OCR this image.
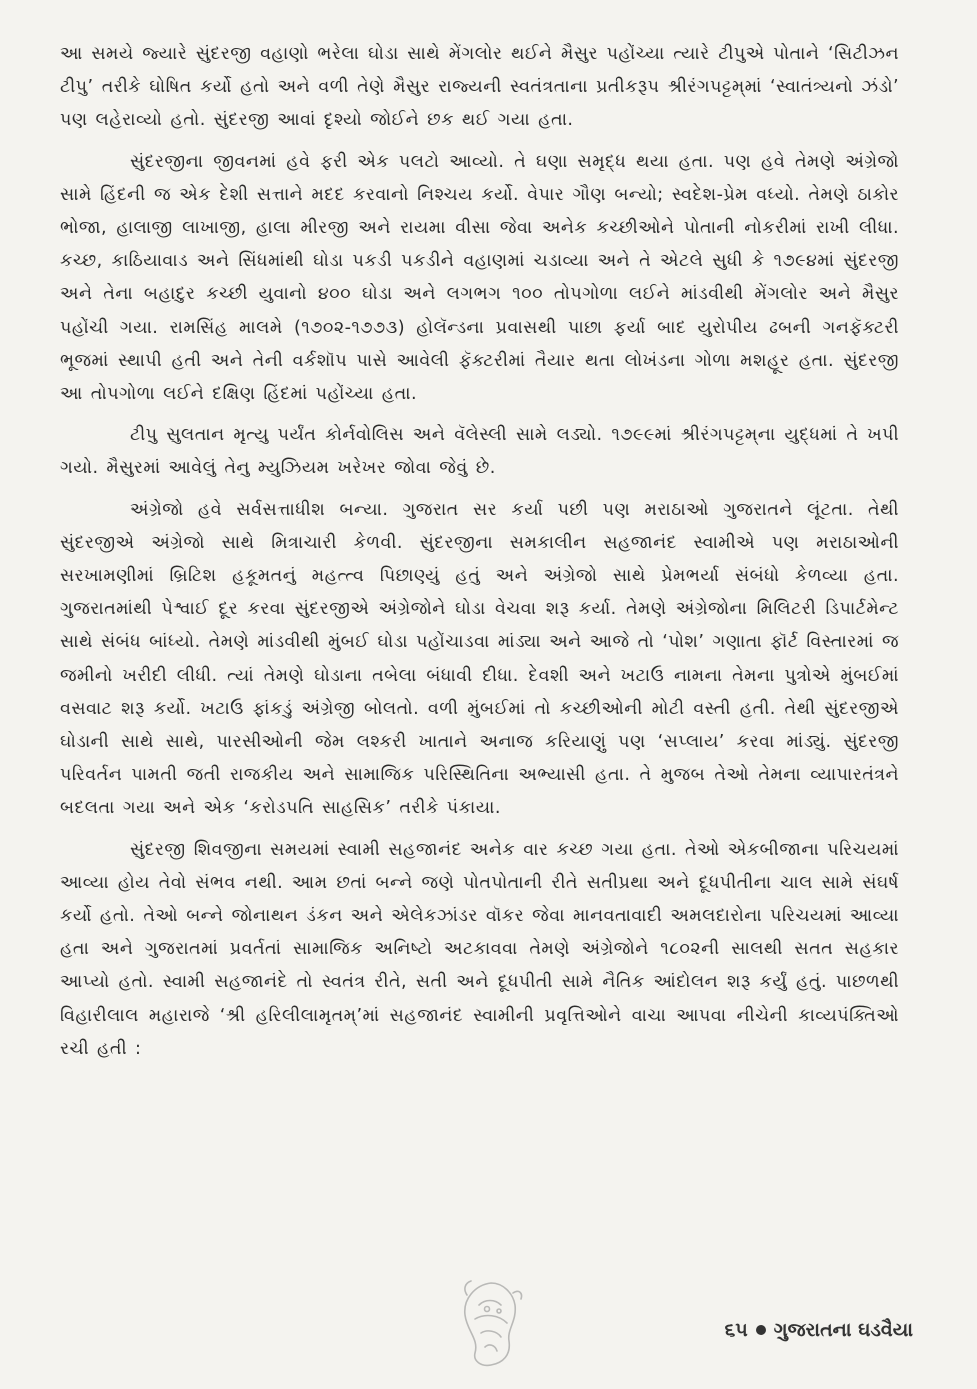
આ સમયે જ્યારે સુંદરજી વહાણો ભરેલા ઘોડા સાથે મેંગલોર થઈને મૈસુર પહોંચ્યા ત્યારે ટીપુએ પોતાને ‘સિટીઝન ટીપુ’ તરીકે ઘોષિત કર્યો હતો અને વળી તેણે મૈસુર રાજ્યની સ્વતંત્રતાના પ્રતીકરૂપ શ્રીરંગપટ્ટમ્‌માં ‘સ્વાતંત્ર્યનો ઝંડો’ પણ લહેરાવ્યો હતો. સુંદરજી આવાં દૃશ્યો જોઈને છક થઈ ગયા હતા.

સુંદરજીના જીવનમાં હવે ફરી એક પલટો આવ્યો. તે ઘણા સમૃદ્ધ થયા હતા. પણ હવે તેમણે અંગ્રેજો સામે હિંદની જ એક દેશી સત્તાને મદદ કરવાનો નિશ્ચય કર્યો. વેપાર ગૌણ બન્યો; સ્વદેશ-પ્રેમ વધ્યો. તેમણે ઠાકોર ભોજા, હાલાજી લાખાજી, હાલા મીરજી અને રાયમા વીસા જેવા અનેક કચ્છીઓને પોતાની નોકરીમાં રાખી લીધા. કચ્છ, કાઠિયાવાડ અને સિંધમાંથી ઘોડા પકડી પકડીને વહાણમાં ચડાવ્યા અને તે એટલે સુધી કે ૧૭૯૪માં સુંદરજી અને તેના બહાદુર કચ્છી યુવાનો ૪૦૦ ઘોડા અને લગભગ ૧૦૦ તોપગોળા લઈને માંડવીથી મેંગલોર અને મૈસુર પહોંચી ગયા. રામસિંહ માલમે (૧૭૦૨-૧૭૭૩) હોલૅન્ડના પ્રવાસથી પાછા ફર્યા બાદ યુરોપીય ઢબની ગનફૅક્ટરી ભૂજમાં સ્થાપી હતી અને તેની વર્કશૉપ પાસે આવેલી ફૅક્ટરીમાં તૈયાર થતા લોખંડના ગોળા મશહૂર હતા. સુંદરજી આ તોપગોળા લઈને દક્ષિણ હિંદમાં પહોંચ્યા હતા.

ટીપુ સુલતાન મૃત્યુ પર્યંત કોર્નવોલિસ અને વૅલેસ્લી સામે લડ્યો. ૧૭૯૯માં શ્રીરંગપટ્ટમ્‌ના યુદ્ધમાં તે ખપી ગયો. મૈસુરમાં આવેલું તેનુ મ્યુઝિયમ ખરેખર જોવા જેવું છે.

અંગ્રેજો હવે સર્વસત્તાધીશ બન્યા. ગુજરાત સર કર્યા પછી પણ મરાઠાઓ ગુજરાતને લૂંટતા. તેથી સુંદરજીએ અંગ્રેજો સાથે મિત્રાચારી કેળવી. સુંદરજીના સમકાલીન સહજાનંદ સ્વામીએ પણ મરાઠાઓની સરખામણીમાં બ્રિટિશ હકૂમતનું મહત્ત્વ પિછાણ્યું હતું અને અંગ્રેજો સાથે પ્રેમભર્યા સંબંધો કેળવ્યા હતા. ગુજરાતમાંથી પેશ્વાઈ દૂર કરવા સુંદરજીએ અંગ્રેજોને ઘોડા વેચવા શરૂ કર્યા. તેમણે અંગ્રેજોના મિલિટરી ડિપાર્ટમેન્ટ સાથે સંબંધ બાંધ્યો. તેમણે માંડવીથી મુંબઈ ઘોડા પહોંચાડવા માંડ્યા અને આજે તો ‘પોશ’ ગણાતા ફૉર્ટ વિસ્તારમાં જ જમીનો ખરીદી લીધી. ત્યાં તેમણે ઘોડાના તબેલા બંધાવી દીધા. દેવશી અને ખટાઉ નામના તેમના પુત્રોએ મુંબઈમાં વસવાટ શરૂ કર્યો. ખટાઉ ફાંકડું અંગ્રેજી બોલતો. વળી મુંબઈમાં તો કચ્છીઓની મોટી વસ્તી હતી. તેથી સુંદરજીએ ઘોડાની સાથે સાથે, પારસીઓની જેમ લશ્કરી ખાતાને અનાજ કરિયાણું પણ ‘સપ્લાય’ કરવા માંડ્યું. સુંદરજી પરિવર્તન પામતી જતી રાજકીય અને સામાજિક પરિસ્થિતિના અભ્યાસી હતા. તે મુજબ તેઓ તેમના વ્યાપારતંત્રને બદલતા ગયા અને એક ‘કરોડપતિ સાહસિક’ તરીકે પંકાયા.

સુંદરજી શિવજીના સમયમાં સ્વામી સહજાનંદ અનેક વાર કચ્છ ગયા હતા. તેઓ એકબીજાના પરિચયમાં આવ્યા હોય તેવો સંભવ નથી. આમ છતાં બન્ને જણે પોતપોતાની રીતે સતીપ્રથા અને દૂધપીતીના ચાલ સામે સંઘર્ષ કર્યો હતો. તેઓ બન્ને જોનાથન ડંકન અને એલેકઝાંડર વૉકર જેવા માનવતાવાદી અમલદારોના પરિચયમાં આવ્યા હતા અને ગુજરાતમાં પ્રવર્તતાં સામાજિક અનિષ્ટો અટકાવવા તેમણે અંગ્રેજોને ૧૮૦૨ની સાલથી સતત સહકાર આપ્યો હતો. સ્વામી સહજાનંદે તો સ્વતંત્ર રીતે, સતી અને દૂધપીતી સામે નૈતિક આંદોલન શરૂ કર્યું હતું. પાછળથી વિહારીલાલ મહારાજે ‘શ્રી હરિલીલામૃતમ્’માં સહજાનંદ સ્વામીની પ્રવૃત્તિઓને વાચા આપવા નીચેની કાવ્યપંક્તિઓ રચી હતી :

૬૫ ગુજરાતના ઘડવૈયા
